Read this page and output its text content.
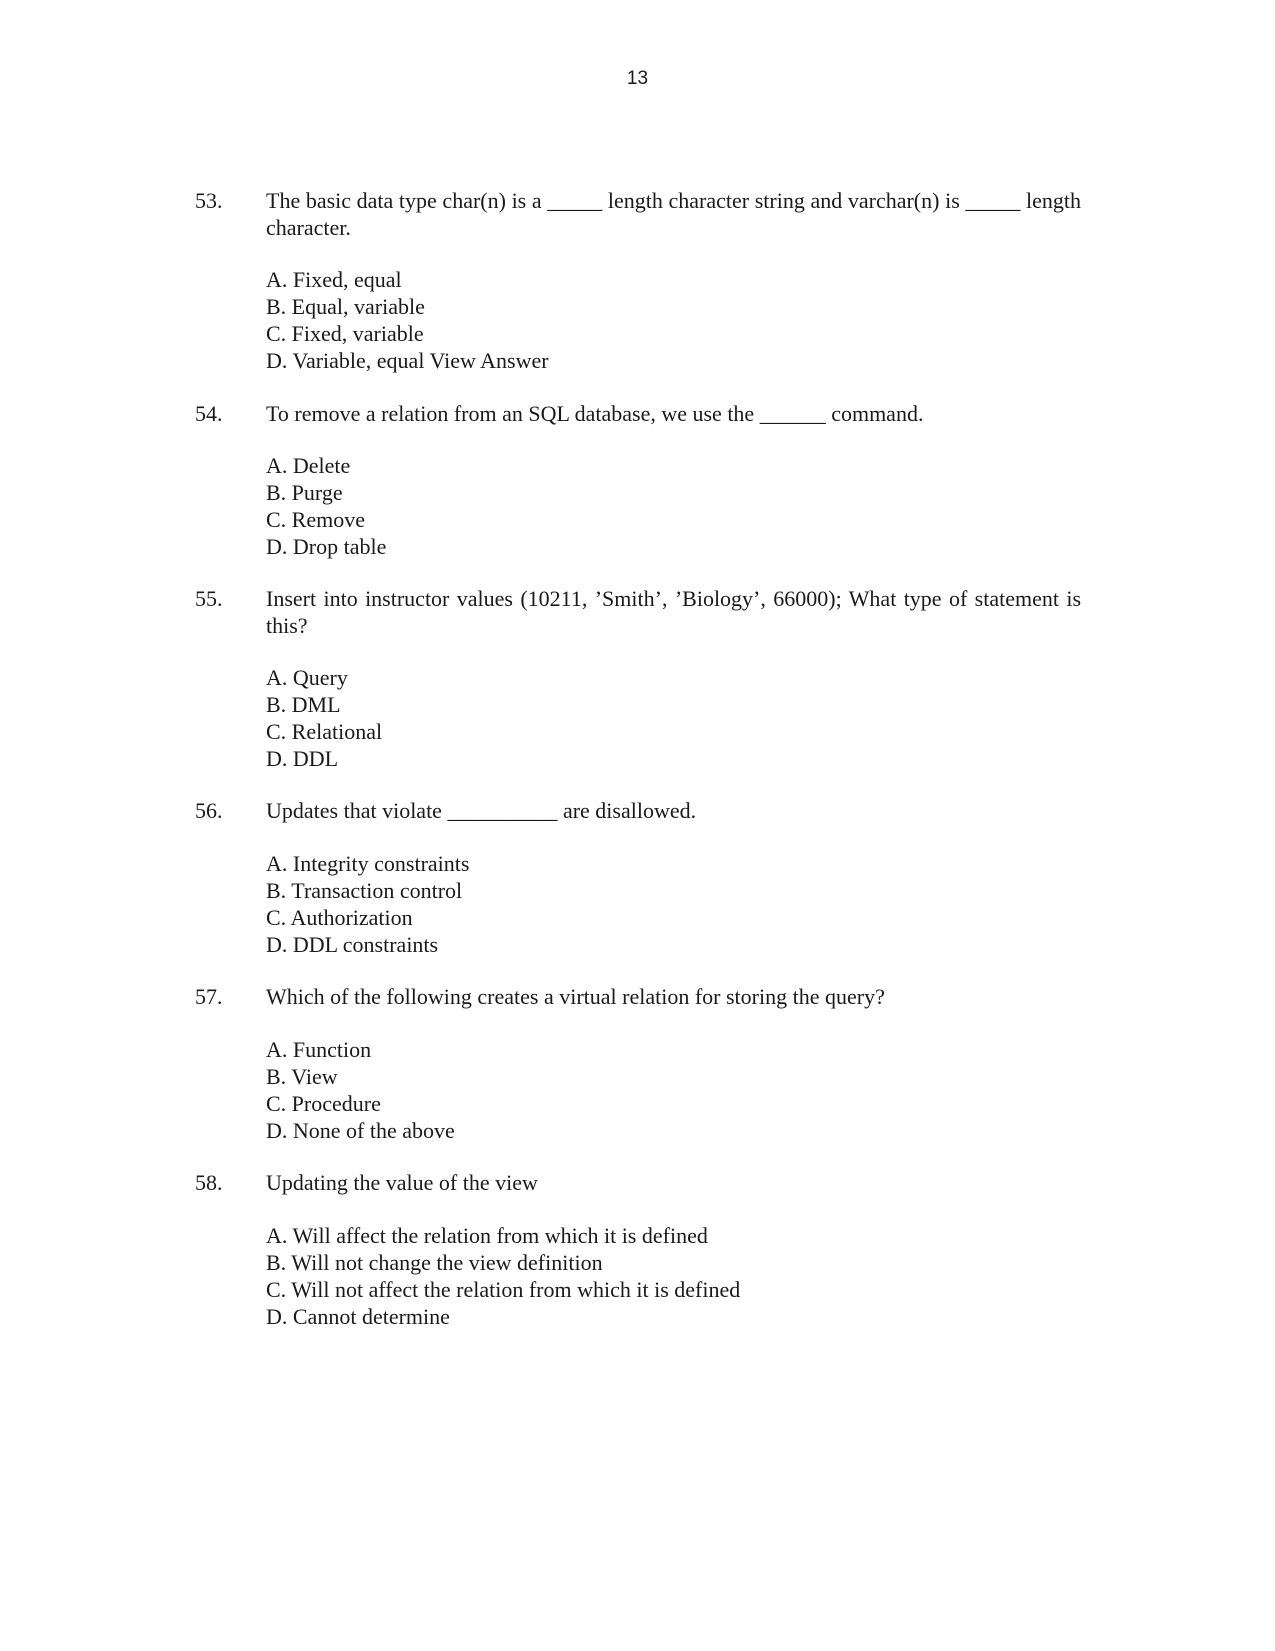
13
53. The basic data type char(n) is a _____ length character string and varchar(n) is _____ length character.
A. Fixed, equal
B. Equal, variable
C. Fixed, variable
D. Variable, equal View Answer
54. To remove a relation from an SQL database, we use the ______ command.
A. Delete
B. Purge
C. Remove
D. Drop table
55. Insert into instructor values (10211, ’Smith’, ’Biology’, 66000); What type of statement is this?
A. Query
B. DML
C. Relational
D. DDL
56. Updates that violate __________ are disallowed.
A. Integrity constraints
B. Transaction control
C. Authorization
D. DDL constraints
57. Which of the following creates a virtual relation for storing the query?
A. Function
B. View
C. Procedure
D. None of the above
58. Updating the value of the view
A. Will affect the relation from which it is defined
B. Will not change the view definition
C. Will not affect the relation from which it is defined
D. Cannot determine
